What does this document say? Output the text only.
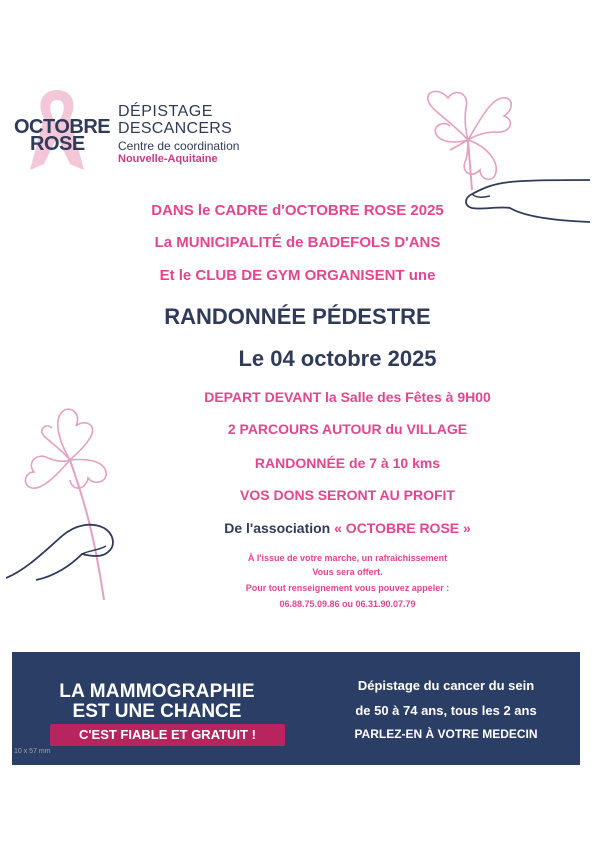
OCTOBRE
ROSE
DÉPISTAGE
DESCANCERS
Centre de coordination
Nouvelle-Aquitaine
DANS le CADRE d'OCTOBRE ROSE 2025
La MUNICIPALITÉ de BADEFOLS D'ANS
Et le CLUB DE GYM ORGANISENT une
RANDONNÉE PÉDESTRE
Le 04 octobre 2025
DEPART DEVANT la Salle des Fêtes à 9H00
2 PARCOURS AUTOUR du VILLAGE
RANDONNÉE de 7 à 10 kms
VOS DONS SERONT AU PROFIT
De l'association « OCTOBRE ROSE »
À l'issue de votre marche, un rafraîchissement
Vous sera offert.
Pour tout renseignement vous pouvez appeler :
06.88.75.09.86 ou 06.31.90.07.79
LA MAMMOGRAPHIE
EST UNE CHANCE
C'EST FIABLE ET GRATUIT !
Dépistage du cancer du sein
de 50 à 74 ans, tous les 2 ans
PARLEZ-EN À VOTRE MEDECIN
10 x 57 mm
